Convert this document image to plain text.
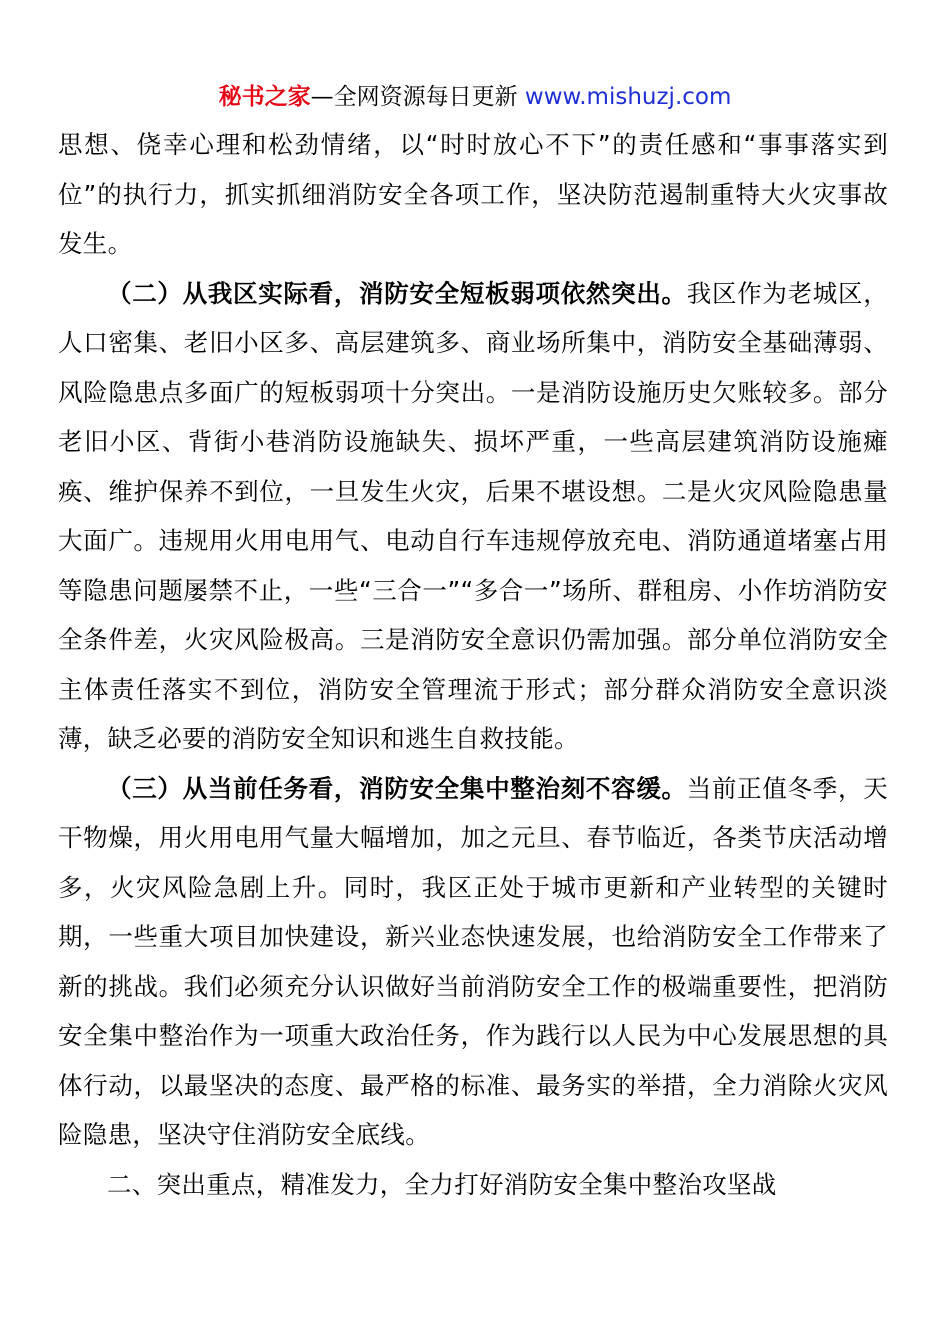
秘书之家—全网资源每日更新 www.mishuzj.com

思想、侥幸心理和松劲情绪，以“时时放心不下”的责任感和“事事落实到位”的执行力，抓实抓细消防安全各项工作，坚决防范遏制重特大火灾事故发生。

（二）从我区实际看，消防安全短板弱项依然突出。我区作为老城区，人口密集、老旧小区多、高层建筑多、商业场所集中，消防安全基础薄弱、风险隐患点多面广的短板弱项十分突出。一是消防设施历史欠账较多。部分老旧小区、背街小巷消防设施缺失、损坏严重，一些高层建筑消防设施瘫痪、维护保养不到位，一旦发生火灾，后果不堪设想。二是火灾风险隐患量大面广。违规用火用电用气、电动自行车违规停放充电、消防通道堵塞占用等隐患问题屡禁不止，一些“三合一”“多合一”场所、群租房、小作坊消防安全条件差，火灾风险极高。三是消防安全意识仍需加强。部分单位消防安全主体责任落实不到位，消防安全管理流于形式；部分群众消防安全意识淡薄，缺乏必要的消防安全知识和逃生自救技能。

（三）从当前任务看，消防安全集中整治刻不容缓。当前正值冬季，天干物燥，用火用电用气量大幅增加，加之元旦、春节临近，各类节庆活动增多，火灾风险急剧上升。同时，我区正处于城市更新和产业转型的关键时期，一些重大项目加快建设，新兴业态快速发展，也给消防安全工作带来了新的挑战。我们必须充分认识做好当前消防安全工作的极端重要性，把消防安全集中整治作为一项重大政治任务，作为践行以人民为中心发展思想的具体行动，以最坚决的态度、最严格的标准、最务实的举措，全力消除火灾风险隐患，坚决守住消防安全底线。

二、突出重点，精准发力，全力打好消防安全集中整治攻坚战
